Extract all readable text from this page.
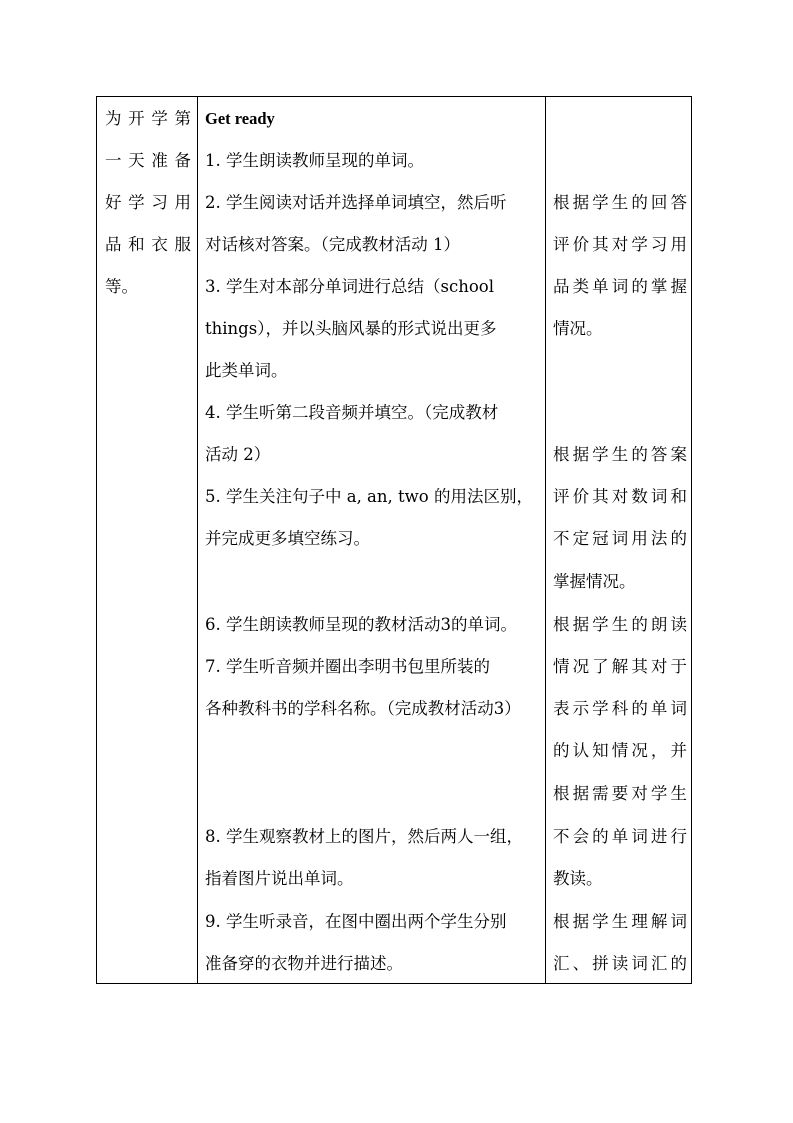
为开学第
一天准备
好学习用
品和衣服
等。
Get ready
1. 学生朗读教师呈现的单词。
2. 学生阅读对话并选择单词填空，然后听
对话核对答案。（完成教材活动 1）
3. 学生对本部分单词进行总结（school
things），并以头脑风暴的形式说出更多
此类单词。
4. 学生听第二段音频并填空。（完成教材
活动 2）
5. 学生关注句子中 a, an, two 的用法区别，
并完成更多填空练习。
6. 学生朗读教师呈现的教材活动3的单词。
7. 学生听音频并圈出李明书包里所装的
各种教科书的学科名称。（完成教材活动3）
8. 学生观察教材上的图片，然后两人一组，
指着图片说出单词。
9. 学生听录音，在图中圈出两个学生分别
准备穿的衣物并进行描述。
根据学生的回答
评价其对学习用
品类单词的掌握
情况。
根据学生的答案
评价其对数词和
不定冠词用法的
掌握情况。
根据学生的朗读
情况了解其对于
表示学科的单词
的认知情况，并
根据需要对学生
不会的单词进行
教读。
根据学生理解词
汇、拼读词汇的
